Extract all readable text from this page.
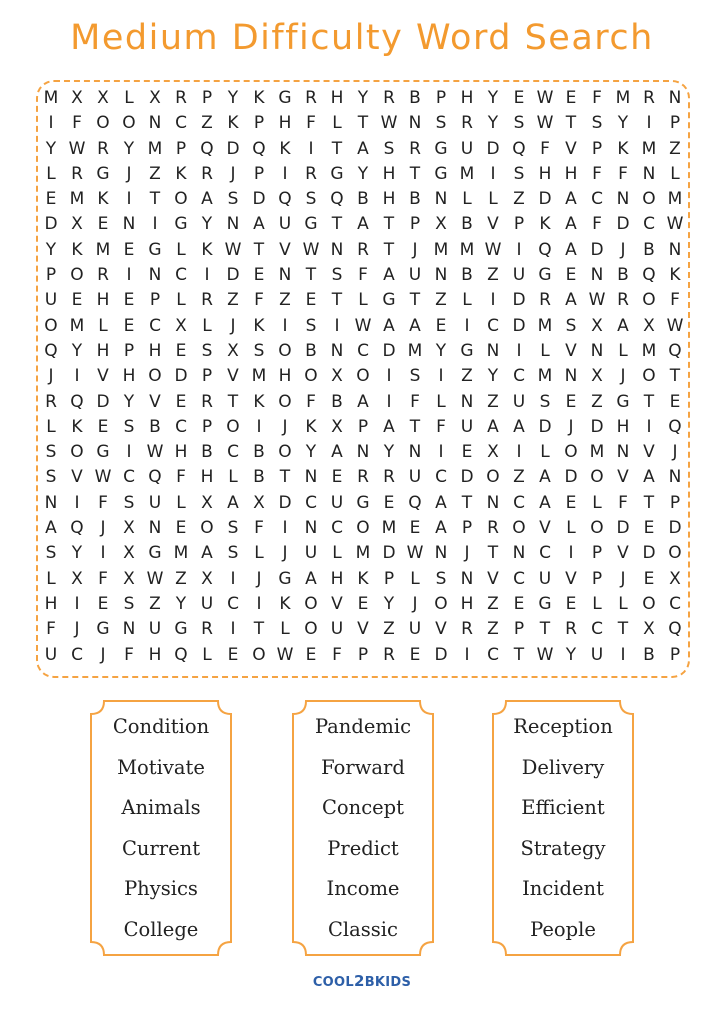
Medium Difficulty Word Search
M X X L X R P Y K G R H Y R B P H Y E W E F M R N
I	F O O N C Z K P H F L T W N S R Y S W T S Y	I	P
Y W R Y M P Q D Q K	I	T A S R G U D Q F V P K M Z
L R G J	Z K R	J	P	I	R G Y H T G M I	S H H F F N L
E M K	I	T O A S D Q S Q B H B N L L Z D A C N O M
D X E N	I G Y N A U G T A T P X B V P K A F D C W
Y K M E G L K W T V W N R T	J M M W I Q A D J	B N
P O R	I	N C	I D E N T S F A U N B Z U G E N B Q K
U E H E P L R Z F Z E T L G T Z L	I D R A W R O F
O M L E C X L	J	K	I	S	I W A A E	I	C D M S X A X W
Q Y H P H E S X S O B N C D M Y G N	I	L V N L M Q
J	I	V H O D P V M H O X O I	S	I	Z Y C M N X	J O T
R Q D Y V E R T K O F B A	I	F L N Z U S E Z G T E
L K E S B C P O I	J	K X P A T F U A A D J D H	I Q
S O G I W H B C B O Y A N Y N	I	E X	I	L O M N V	J
S V W C Q F H L B T N E R R U C D O Z A D O V A N
N	I	F S U L X A X D C U G E Q A T N C A E L F T P
A Q J	X N E O S F	I	N C O M E A P R O V L O D E D
S Y	I	X G M A S L	J	U L M D W N	J	T N C	I	P V D O
L X F X W Z X	I	J G A H K P L S N V C U V P	J	E X
H	I	E S Z Y U C	I	K O V E Y	J O H Z E G E L L O C
F	J G N U G R	I	T L O U V Z U V R Z P T R C T X Q
U C	J	F H Q L E O W E F P R E D I	C T W Y U	I	B P
Condition
Motivate
Animals
Current
Physics
College
Pandemic
Forward
Concept
Predict
Income
Classic
Reception
Delivery
Efficient
Strategy
Incident
People
COOL2BKIDS
